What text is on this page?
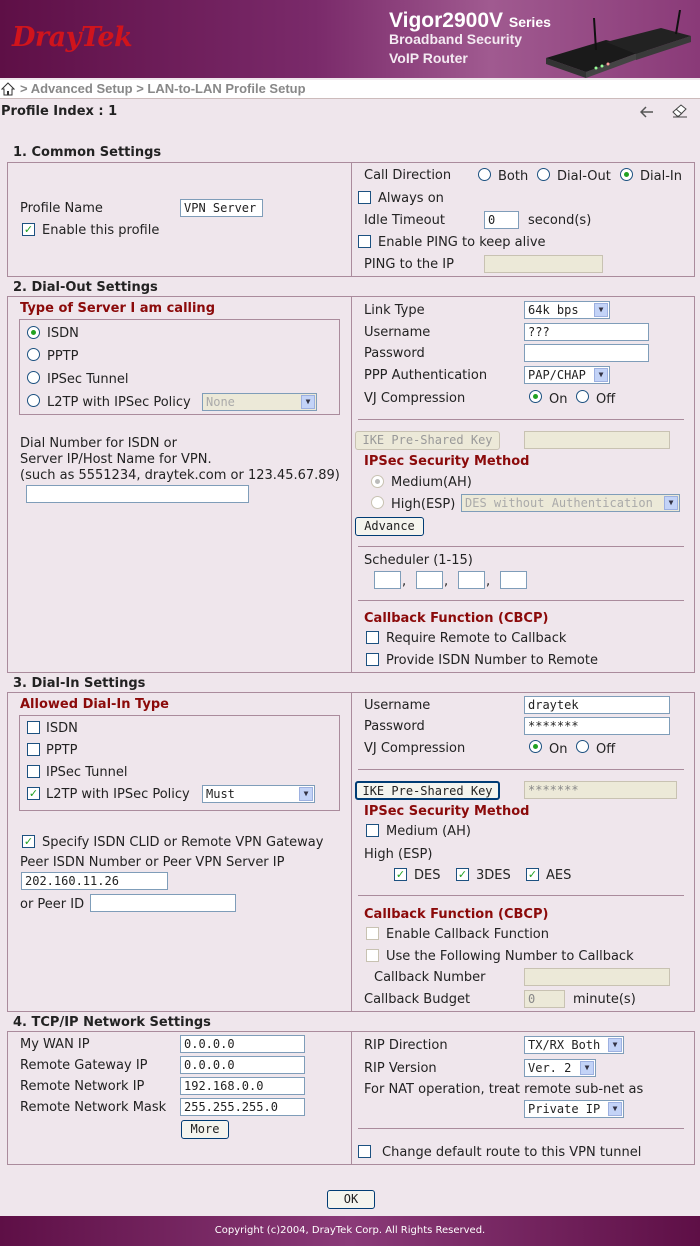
DrayTek
Vigor2900V Series
Broadband Security
VoIP Router
> Advanced Setup > LAN-to-LAN Profile Setup
Profile Index : 1
1. Common Settings
Profile Name	VPN Server
✓ Enable this profile
Call Direction	Both Dial-Out Dial-In
Always on
Idle Timeout	0	second(s)
Enable PING to keep alive
PING to the IP
2. Dial-Out Settings
Type of Server I am calling
ISDN
PPTP
IPSec Tunnel
L2TP with IPSec Policy	None	▼
Dial Number for ISDN or
Server IP/Host Name for VPN.
(such as 5551234, draytek.com or 123.45.67.89)
Link Type	64k bps	▼
Username	???
Password
PPP Authentication	PAP/CHAP	▼
VJ Compression	On Off
IKE Pre-Shared Key
IPSec Security Method
Medium(AH)
High(ESP) DES without Authentication	▼
Advance
Scheduler (1-15)
,	,	,
Callback Function (CBCP)
Require Remote to Callback
Provide ISDN Number to Remote
3. Dial-In Settings
Allowed Dial-In Type
ISDN
PPTP
IPSec Tunnel
✓ L2TP with IPSec Policy	Must	▼
✓ Specify ISDN CLID or Remote VPN Gateway
Peer ISDN Number or Peer VPN Server IP
202.160.11.26
or Peer ID
Username	draytek
Password	*******
VJ Compression	On Off
IKE Pre-Shared Key	*******
IPSec Security Method
Medium (AH)
High (ESP)
✓ DES ✓ 3DES ✓ AES
Callback Function (CBCP)
Enable Callback Function
Use the Following Number to Callback
Callback Number
Callback Budget	0	minute(s)
4. TCP/IP Network Settings
My WAN IP	0.0.0.0
Remote Gateway IP	0.0.0.0
Remote Network IP	192.168.0.0
Remote Network Mask	255.255.255.0
More
RIP Direction	TX/RX Both	▼
RIP Version	Ver. 2	▼
For NAT operation, treat remote sub-net as
Private IP	▼
Change default route to this VPN tunnel
OK
Copyright (c)2004, DrayTek Corp. All Rights Reserved.
